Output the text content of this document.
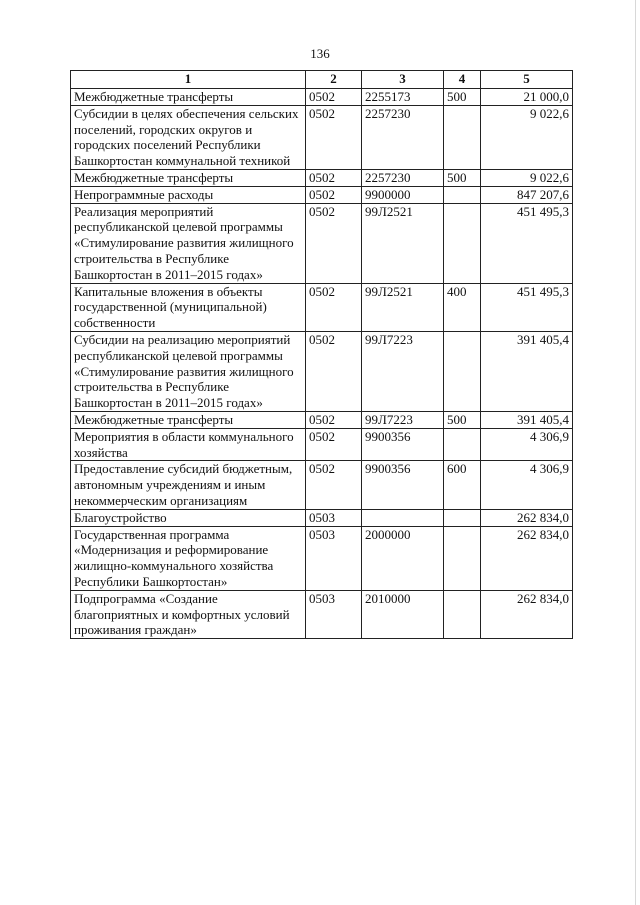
136
1	2	3	4	5
Межбюджетные трансферты	0502	2255173	500	21 000,0
Субсидии в целях обеспечения сельских поселений, городских округов и городских поселений Республики Башкортостан коммунальной техникой	0502	2257230		9 022,6
Межбюджетные трансферты	0502	2257230	500	9 022,6
Непрограммные расходы	0502	9900000		847 207,6
Реализация мероприятий республиканской целевой программы «Стимулирование развития жилищного строительства в Республике Башкортостан в 2011–2015 годах»	0502	99Л2521		451 495,3
Капитальные вложения в объекты государственной (муниципальной) собственности	0502	99Л2521	400	451 495,3
Субсидии на реализацию мероприятий республиканской целевой программы «Стимулирование развития жилищного строительства в Республике Башкортостан в 2011–2015 годах»	0502	99Л7223		391 405,4
Межбюджетные трансферты	0502	99Л7223	500	391 405,4
Мероприятия в области коммунального хозяйства	0502	9900356		4 306,9
Предоставление субсидий бюджетным, автономным учреждениям и иным некоммерческим организациям	0502	9900356	600	4 306,9
Благоустройство	0503			262 834,0
Государственная программа «Модернизация и реформирование жилищно-коммунального хозяйства Республики Башкортостан»	0503	2000000		262 834,0
Подпрограмма «Создание благоприятных и комфортных условий проживания граждан»	0503	2010000		262 834,0
